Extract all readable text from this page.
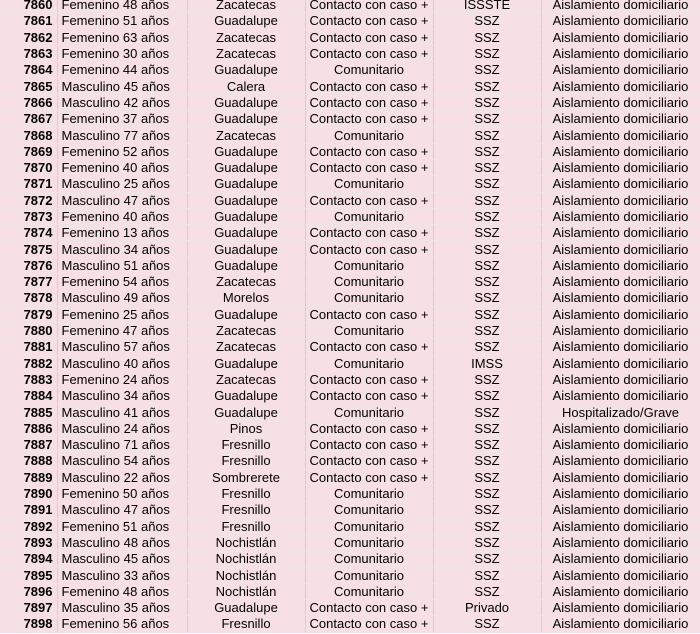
7860	Femenino 48 años	Zacatecas	Contacto con caso +	ISSSTE	Aislamiento domiciliario
7861	Femenino 51 años	Guadalupe	Contacto con caso +	SSZ	Aislamiento domiciliario
7862	Femenino 63 años	Zacatecas	Contacto con caso +	SSZ	Aislamiento domiciliario
7863	Femenino 30 años	Zacatecas	Contacto con caso +	SSZ	Aislamiento domiciliario
7864	Femenino 44 años	Guadalupe	Comunitario	SSZ	Aislamiento domiciliario
7865	Masculino 45 años	Calera	Contacto con caso +	SSZ	Aislamiento domiciliario
7866	Masculino 42 años	Guadalupe	Contacto con caso +	SSZ	Aislamiento domiciliario
7867	Femenino 37 años	Guadalupe	Contacto con caso +	SSZ	Aislamiento domiciliario
7868	Masculino 77 años	Zacatecas	Comunitario	SSZ	Aislamiento domiciliario
7869	Femenino 52 años	Guadalupe	Contacto con caso +	SSZ	Aislamiento domiciliario
7870	Femenino 40 años	Guadalupe	Contacto con caso +	SSZ	Aislamiento domiciliario
7871	Masculino 25 años	Guadalupe	Comunitario	SSZ	Aislamiento domiciliario
7872	Masculino 47 años	Guadalupe	Contacto con caso +	SSZ	Aislamiento domiciliario
7873	Femenino 40 años	Guadalupe	Comunitario	SSZ	Aislamiento domiciliario
7874	Femenino 13 años	Guadalupe	Contacto con caso +	SSZ	Aislamiento domiciliario
7875	Masculino 34 años	Guadalupe	Contacto con caso +	SSZ	Aislamiento domiciliario
7876	Masculino 51 años	Guadalupe	Comunitario	SSZ	Aislamiento domiciliario
7877	Femenino 54 años	Zacatecas	Comunitario	SSZ	Aislamiento domiciliario
7878	Masculino 49 años	Morelos	Comunitario	SSZ	Aislamiento domiciliario
7879	Femenino 25 años	Guadalupe	Contacto con caso +	SSZ	Aislamiento domiciliario
7880	Femenino 47 años	Zacatecas	Comunitario	SSZ	Aislamiento domiciliario
7881	Masculino 57 años	Zacatecas	Contacto con caso +	SSZ	Aislamiento domiciliario
7882	Masculino 40 años	Guadalupe	Comunitario	IMSS	Aislamiento domiciliario
7883	Femenino 24 años	Zacatecas	Contacto con caso +	SSZ	Aislamiento domiciliario
7884	Masculino 34 años	Guadalupe	Contacto con caso +	SSZ	Aislamiento domiciliario
7885	Masculino 41 años	Guadalupe	Comunitario	SSZ	Hospitalizado/Grave
7886	Masculino 24 años	Pinos	Contacto con caso +	SSZ	Aislamiento domiciliario
7887	Masculino 71 años	Fresnillo	Contacto con caso +	SSZ	Aislamiento domiciliario
7888	Masculino 54 años	Fresnillo	Contacto con caso +	SSZ	Aislamiento domiciliario
7889	Masculino 22 años	Sombrerete	Contacto con caso +	SSZ	Aislamiento domiciliario
7890	Femenino 50 años	Fresnillo	Comunitario	SSZ	Aislamiento domiciliario
7891	Masculino 47 años	Fresnillo	Comunitario	SSZ	Aislamiento domiciliario
7892	Femenino 51 años	Fresnillo	Comunitario	SSZ	Aislamiento domiciliario
7893	Masculino 48 años	Nochistlán	Comunitario	SSZ	Aislamiento domiciliario
7894	Masculino 45 años	Nochistlán	Comunitario	SSZ	Aislamiento domiciliario
7895	Masculino 33 años	Nochistlán	Comunitario	SSZ	Aislamiento domiciliario
7896	Femenino 48 años	Nochistlán	Comunitario	SSZ	Aislamiento domiciliario
7897	Masculino 35 años	Guadalupe	Contacto con caso +	Privado	Aislamiento domiciliario
7898	Femenino 56 años	Fresnillo	Contacto con caso +	SSZ	Aislamiento domiciliario
